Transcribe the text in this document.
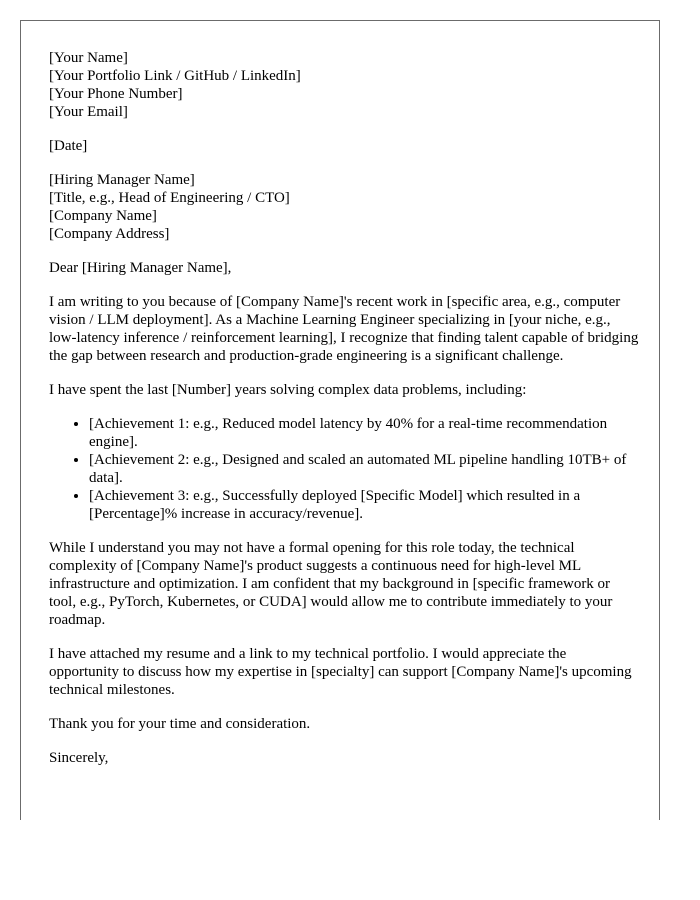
[Your Name]
[Your Portfolio Link / GitHub / LinkedIn]
[Your Phone Number]
[Your Email]
[Date]
[Hiring Manager Name]
[Title, e.g., Head of Engineering / CTO]
[Company Name]
[Company Address]

Dear [Hiring Manager Name],

I am writing to you because of [Company Name]'s recent work in [specific area, e.g., computer vision / LLM deployment]. As a Machine Learning Engineer specializing in [your niche, e.g., low-latency inference / reinforcement learning], I recognize that finding talent capable of bridging the gap between research and production-grade engineering is a significant challenge.

I have spent the last [Number] years solving complex data problems, including:

• [Achievement 1: e.g., Reduced model latency by 40% for a real-time recommendation engine].
• [Achievement 2: e.g., Designed and scaled an automated ML pipeline handling 10TB+ of data].
• [Achievement 3: e.g., Successfully deployed [Specific Model] which resulted in a [Percentage]% increase in accuracy/revenue].

While I understand you may not have a formal opening for this role today, the technical complexity of [Company Name]'s product suggests a continuous need for high-level ML infrastructure and optimization. I am confident that my background in [specific framework or tool, e.g., PyTorch, Kubernetes, or CUDA] would allow me to contribute immediately to your roadmap.

I have attached my resume and a link to my technical portfolio. I would appreciate the opportunity to discuss how my expertise in [specialty] can support [Company Name]'s upcoming technical milestones.

Thank you for your time and consideration.

Sincerely,
